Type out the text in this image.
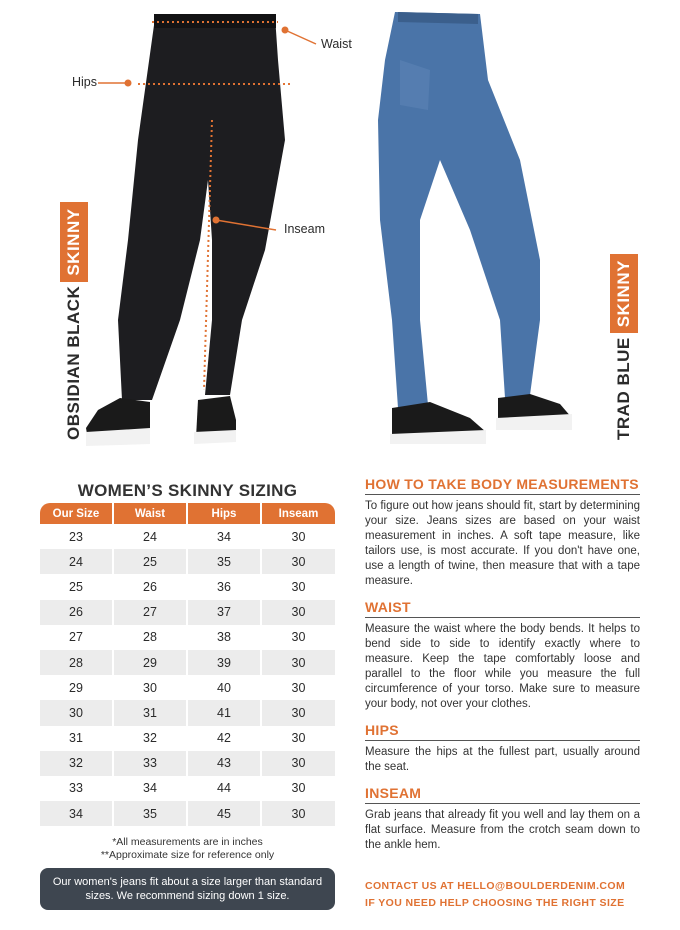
Waist
Hips
Inseam
OBSIDIAN BLACK
SKINNY
TRAD BLUE
SKINNY
WOMEN’S SKINNY SIZING
Our Size	Waist	Hips	Inseam
23	24	34	30
24	25	35	30
25	26	36	30
26	27	37	30
27	28	38	30
28	29	39	30
29	30	40	30
30	31	41	30
31	32	42	30
32	33	43	30
33	34	44	30
34	35	45	30
*All measurements are in inches
**Approximate size for reference only
Our women's jeans fit about a size larger than standard sizes. We recommend sizing down 1 size.
HOW TO TAKE BODY MEASUREMENTS
To figure out how jeans should fit, start by determining your size. Jeans sizes are based on your waist measurement in inches. A soft tape measure, like tailors use, is most accurate. If you don't have one, use a length of twine, then measure that with a tape measure.
WAIST
Measure the waist where the body bends. It helps to bend side to side to identify exactly where to measure. Keep the tape comfortably loose and parallel to the floor while you measure the full circumference of your torso. Make sure to measure your body, not over your clothes.
HIPS
Measure the hips at the fullest part, usually around the seat.
INSEAM
Grab jeans that already fit you well and lay them on a flat surface. Measure from the crotch seam down to the ankle hem.
CONTACT US AT HELLO@BOULDERDENIM.COM
IF YOU NEED HELP CHOOSING THE RIGHT SIZE
